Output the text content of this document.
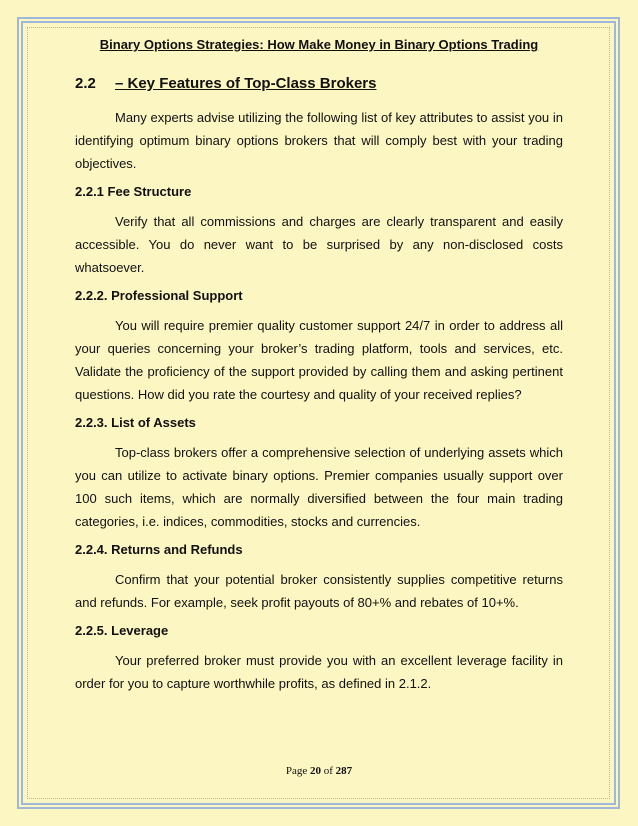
Binary Options Strategies: How Make Money in Binary Options Trading
2.2 – Key Features of Top-Class Brokers

Many experts advise utilizing the following list of key attributes to assist you in identifying optimum binary options brokers that will comply best with your trading objectives.

2.2.1 Fee Structure

Verify that all commissions and charges are clearly transparent and easily accessible. You do never want to be surprised by any non-disclosed costs whatsoever.

2.2.2. Professional Support

You will require premier quality customer support 24/7 in order to address all your queries concerning your broker’s trading platform, tools and services, etc. Validate the proficiency of the support provided by calling them and asking pertinent questions. How did you rate the courtesy and quality of your received replies?

2.2.3. List of Assets

Top-class brokers offer a comprehensive selection of underlying assets which you can utilize to activate binary options. Premier companies usually support over 100 such items, which are normally diversified between the four main trading categories, i.e. indices, commodities, stocks and currencies.

2.2.4. Returns and Refunds

Confirm that your potential broker consistently supplies competitive returns and refunds. For example, seek profit payouts of 80+% and rebates of 10+%.

2.2.5. Leverage

Your preferred broker must provide you with an excellent leverage facility in order for you to capture worthwhile profits, as defined in 2.1.2.

Page 20 of 287
